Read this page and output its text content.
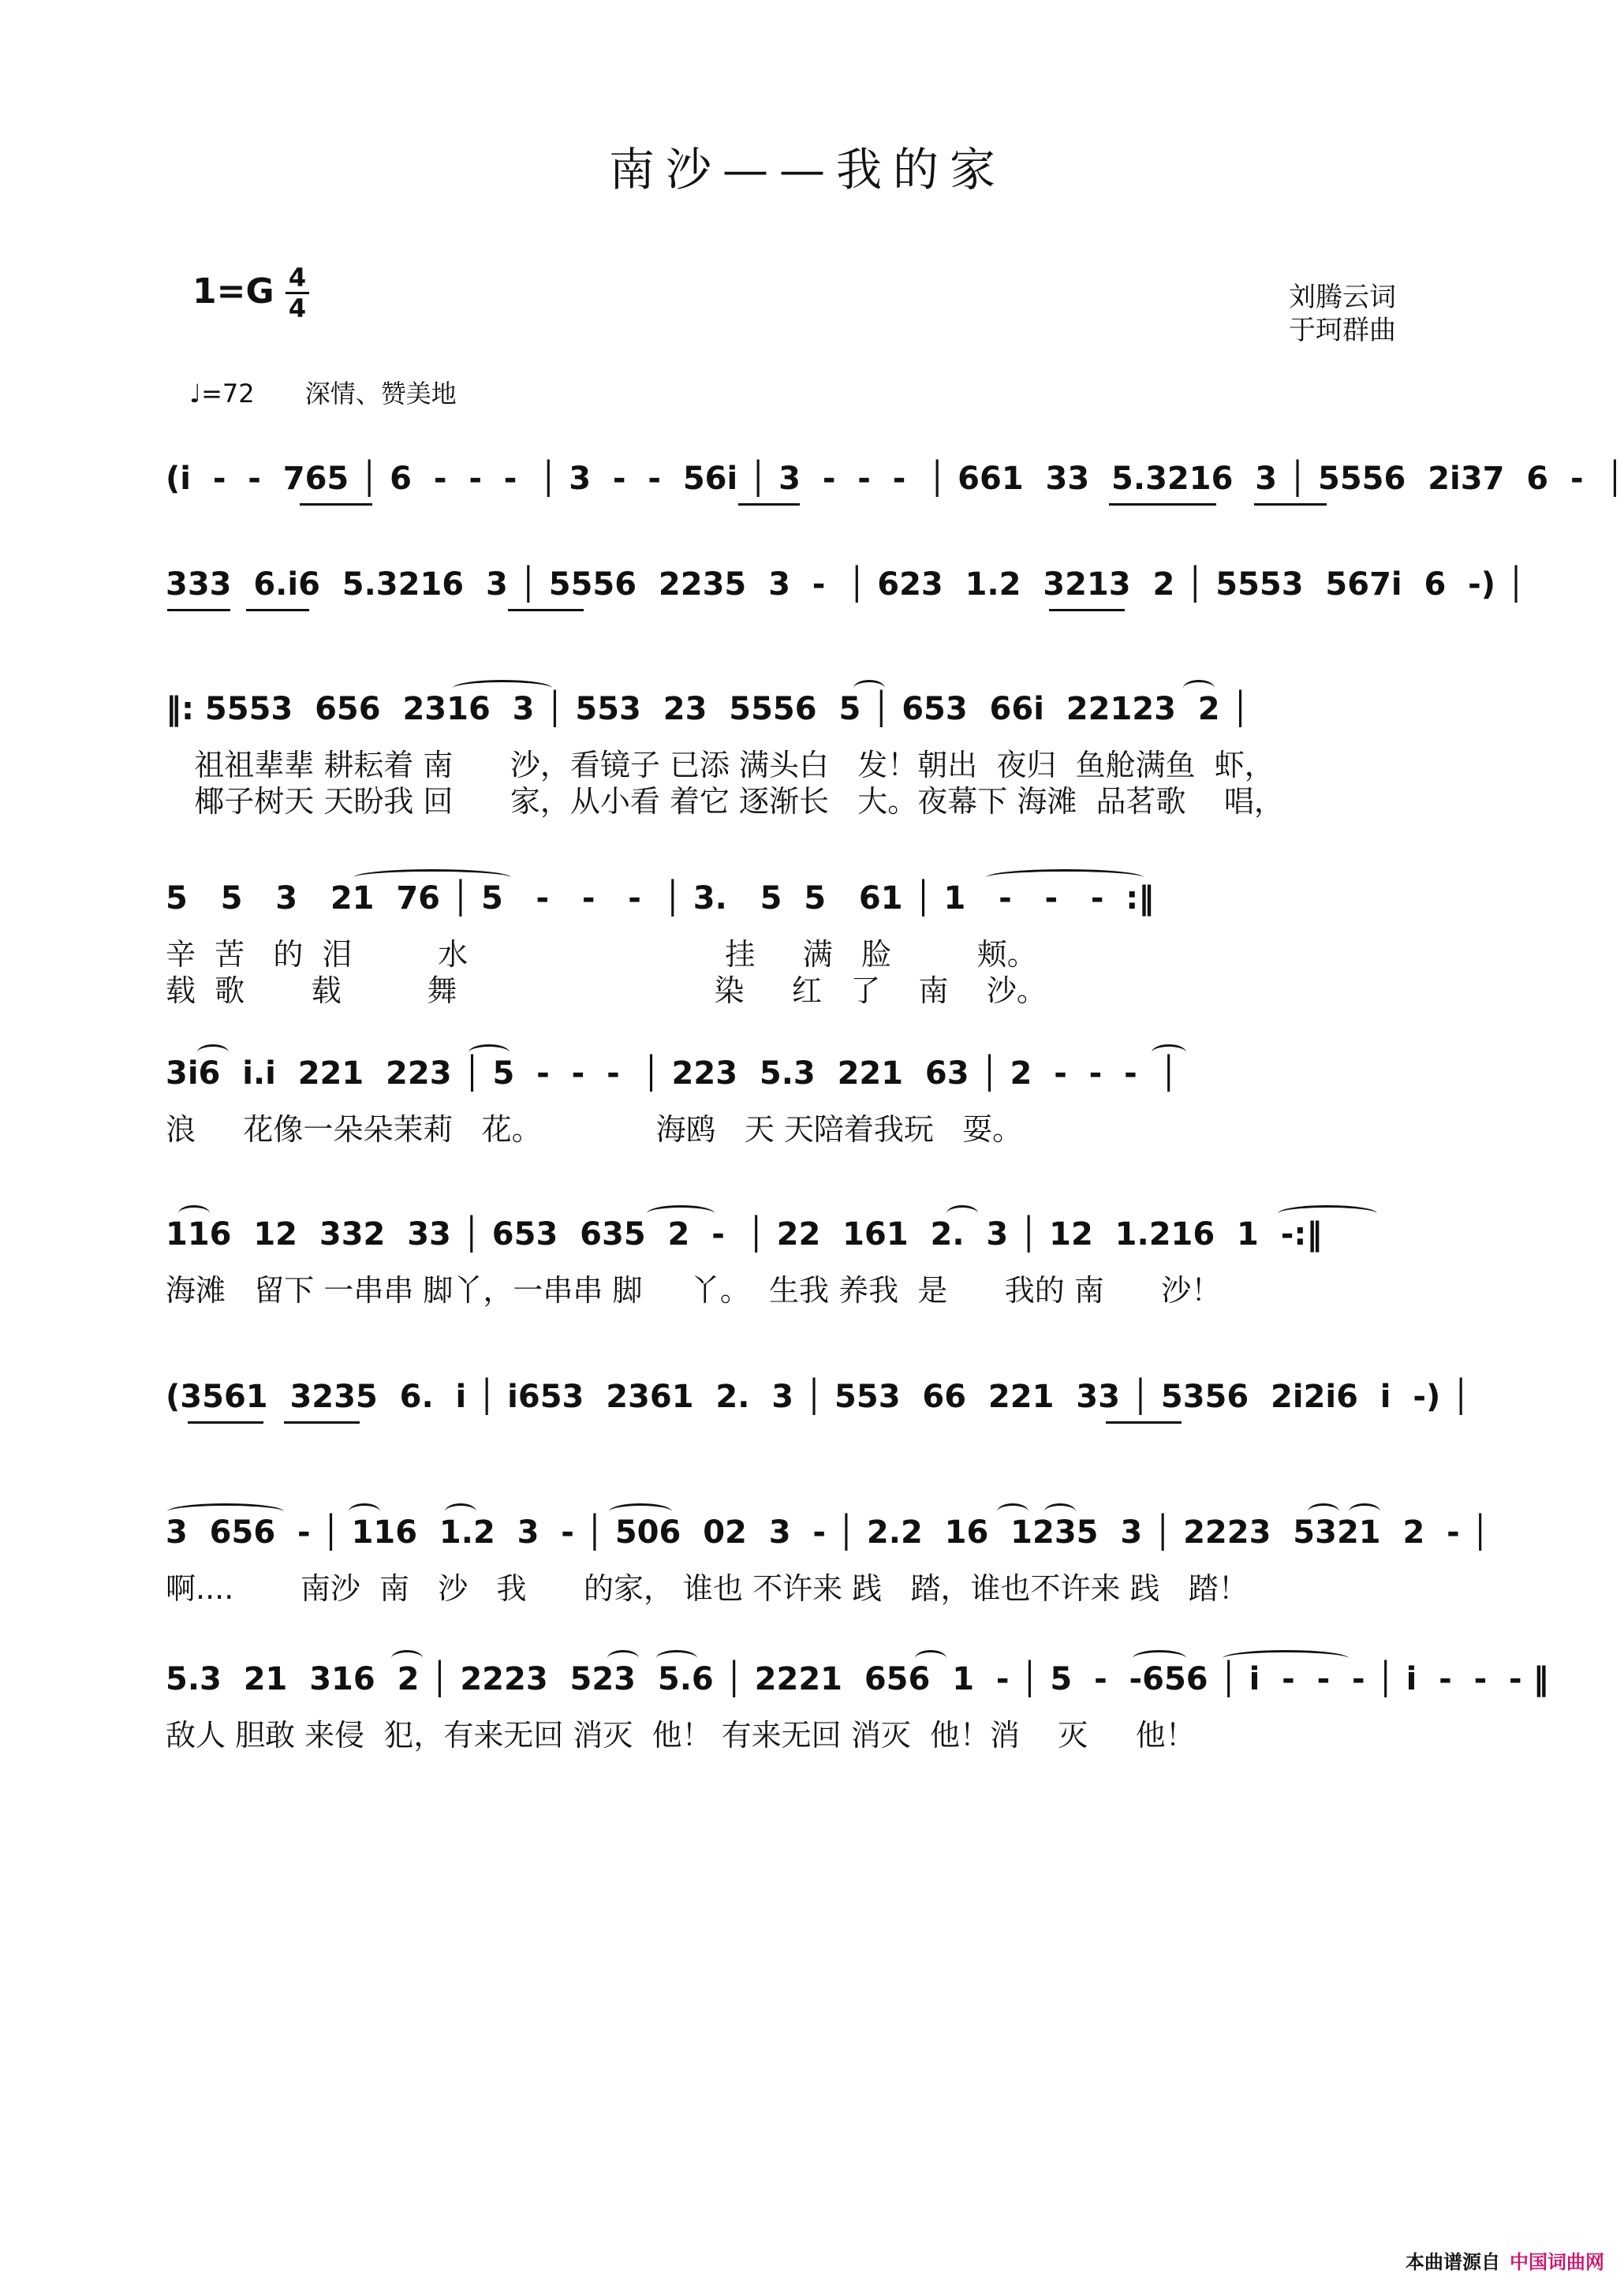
南沙——我的家
1=G 4
4	刘腾云词
于珂群曲
♩=72 深情、赞美地
(i  -  -  765 │ 6  -  -  -  │ 3  -  -  56i │ 3  -  -  -  │ 661  33  5.3216  3 │ 5556  2i37  6  -  │
333  6.i6  5.3216  3 │ 5556  2235  3  -  │ 623  1.2  3213  2 │ 5553  567i  6  -) │
‖: 5553  656  2316  3 │ 553  23  5556  5 │ 653  66i  22123  2 │
祖祖辈辈 耕耘着 南      沙，看镜子 已添 满头白   发！朝出  夜归  鱼舱满鱼  虾，
椰子树天 天盼我 回      家，从小看 着它 逐渐长   大。夜幕下 海滩  品茗歌    唱，
5   5   3   21  76 │ 5   -   -   -  │ 3.   5  5   61 │ 1   -   -   -  :‖
辛  苦   的  泪         水                           挂     满   脸         颊。
载  歌       载         舞                           染     红   了    南    沙。
3i6  i.i  221  223 │ 5  -  -  -  │ 223  5.3  221  63 │ 2  -  -  -  │
浪     花像一朵朵茉莉   花。            海鸥   天 天陪着我玩   耍。
116  12  332  33 │ 653  635  2  -  │ 22  161  2.  3 │ 12  1.216  1  -:‖
海滩   留下 一串串 脚丫，一串串 脚     丫。  生我 养我  是      我的 南      沙！
(3561  3235  6.  i │ i653  2361  2.  3 │ 553  66  221  33 │ 5356  2i2i6  i  -) │
3  656  - │ 116  1.2  3  - │ 506  02  3  - │ 2.2  16  1235  3 │ 2223  5321  2  - │
啊....       南沙  南   沙   我      的家， 谁也 不许来 践   踏，谁也不许来 践   踏！
5.3  21  316  2 │ 2223  523  5.6 │ 2221  656  1  - │ 5  -  -656 │ i  -  -  - │ i  -  -  - ‖
敌人 胆敢 来侵  犯，有来无回 消灭  他！ 有来无回 消灭  他！消    灭     他！
本曲谱源自 中国词曲网
